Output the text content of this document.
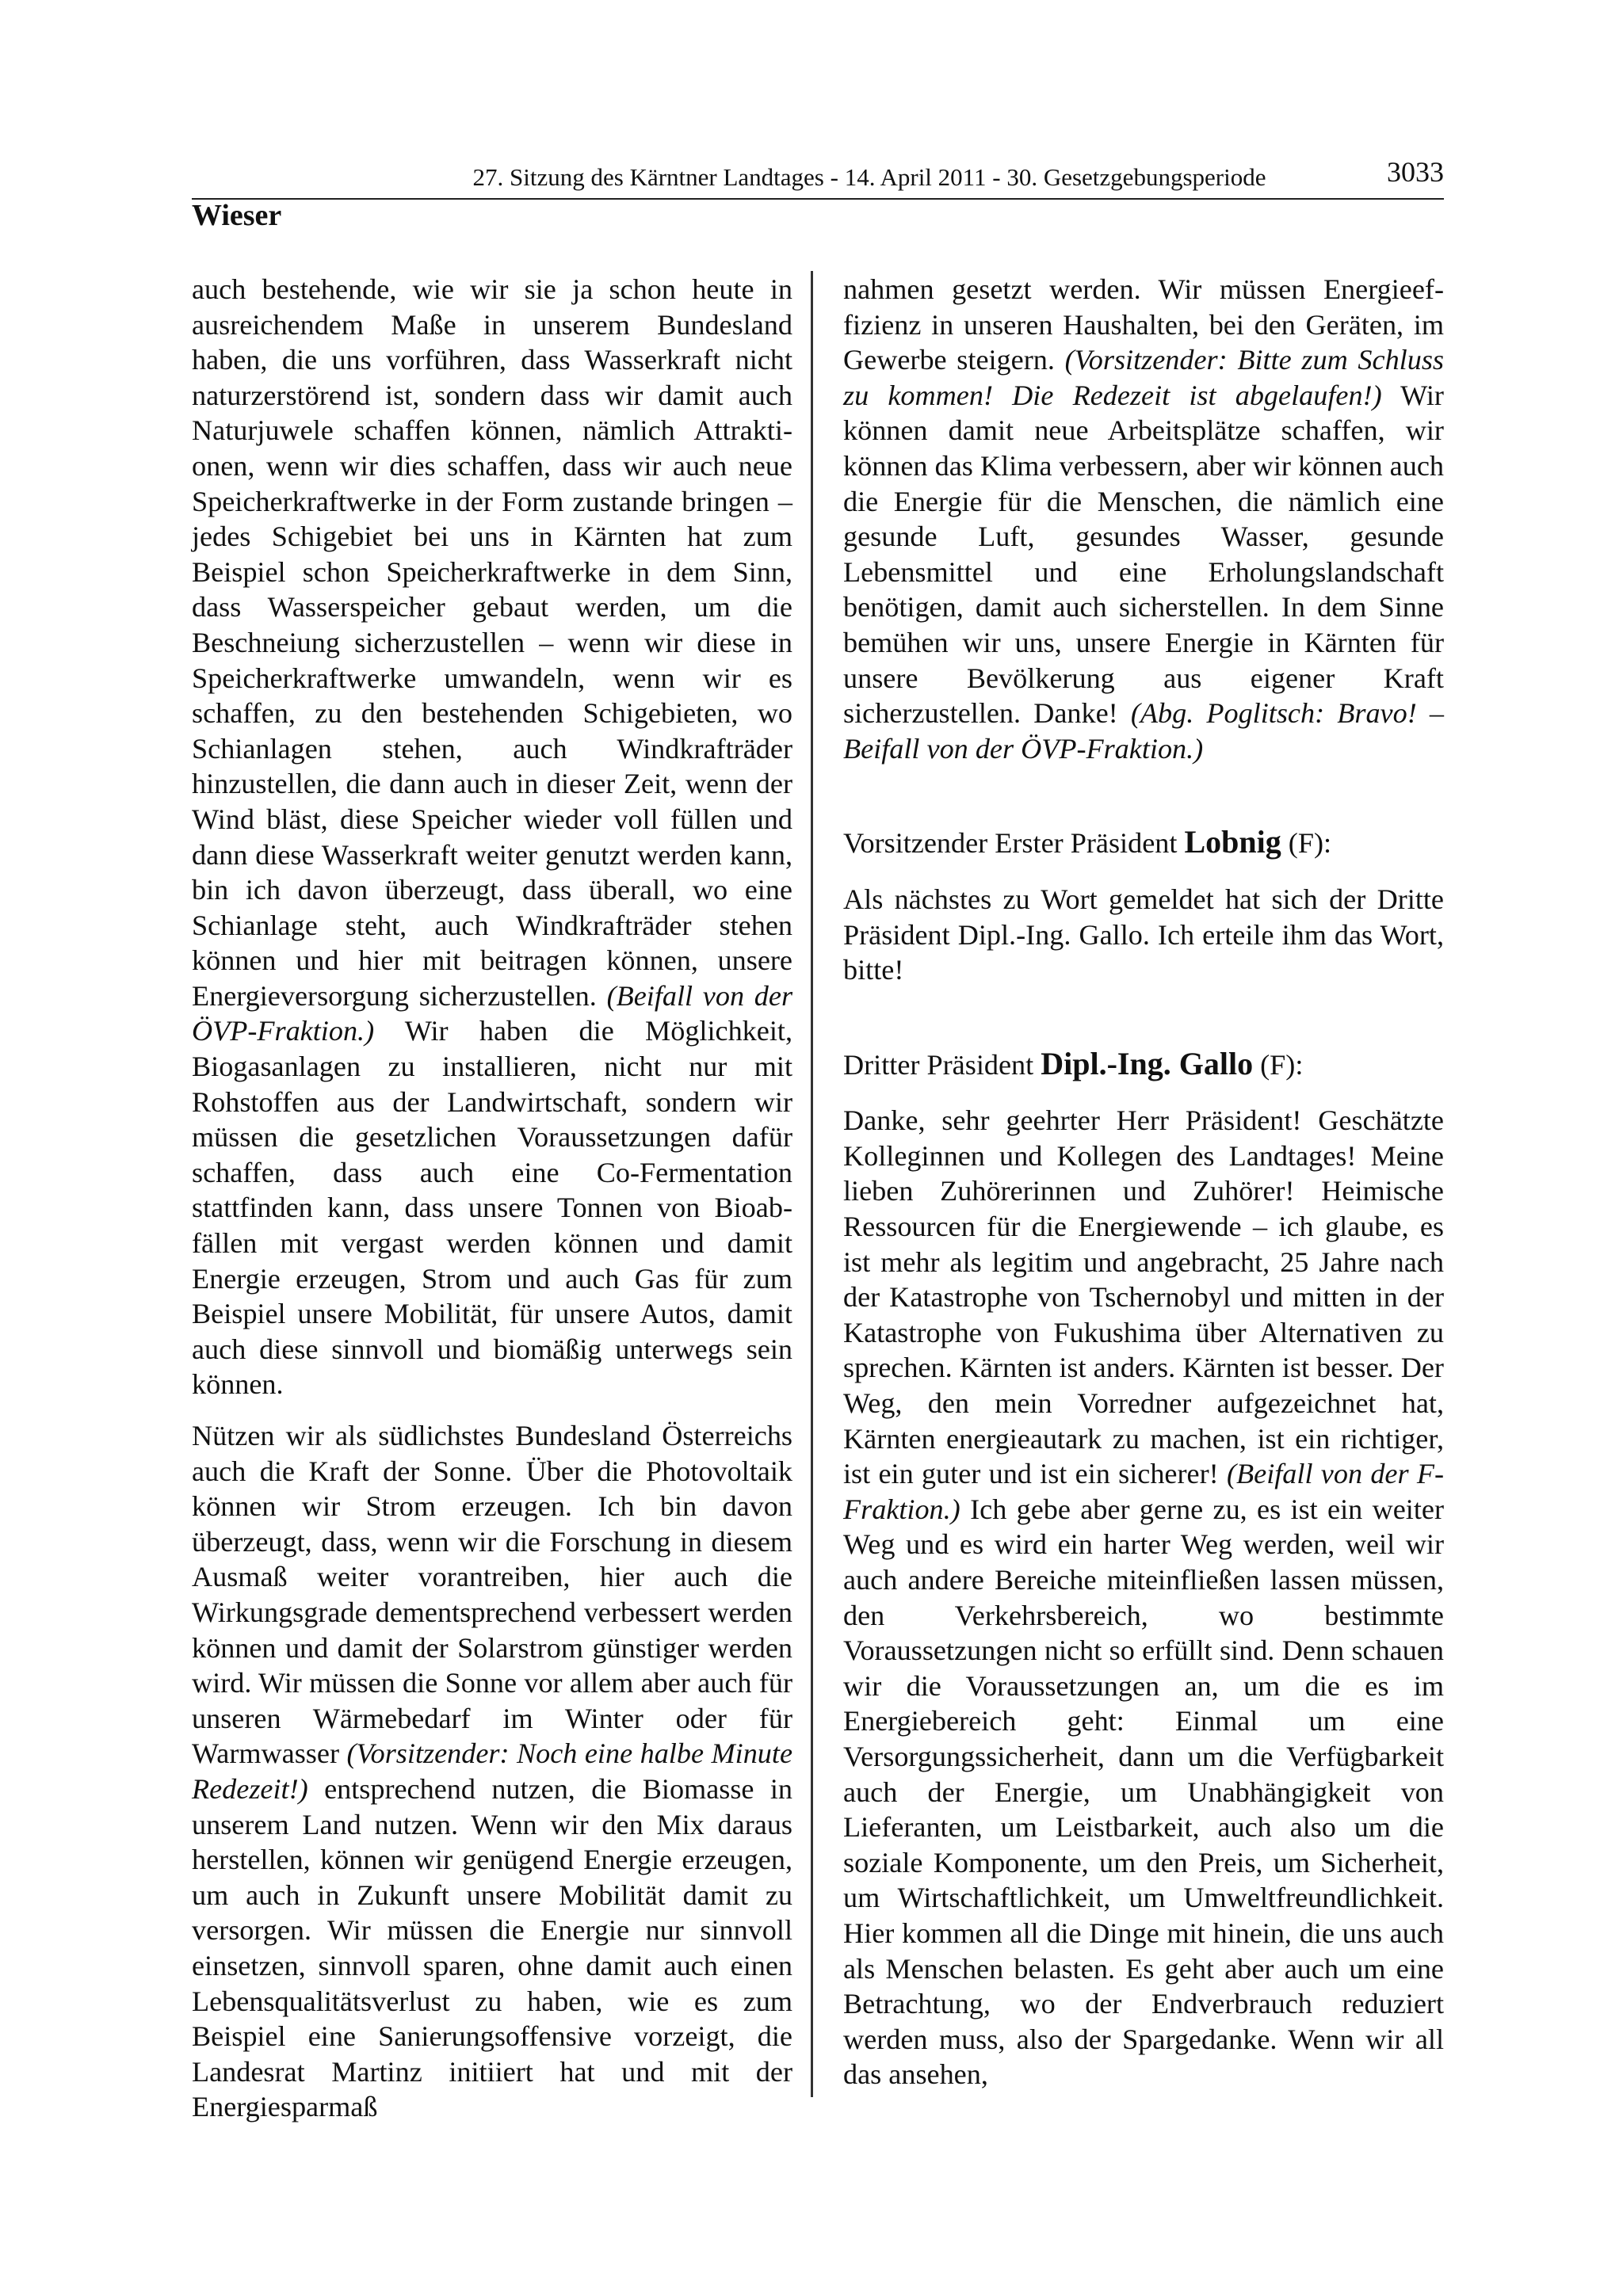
27. Sitzung des Kärntner Landtages - 14. April 2011 - 30. Gesetzgebungsperiode	3033
Wieser

auch bestehende, wie wir sie ja schon heute in ausreichendem Maße in unserem Bundesland haben, die uns vorführen, dass Wasserkraft nicht naturzerstörend ist, sondern dass wir damit auch Naturjuwele schaffen können, nämlich Attraktionen, wenn wir dies schaffen, dass wir auch neue Speicherkraftwerke in der Form zustande bringen – jedes Schigebiet bei uns in Kärnten hat zum Beispiel schon Speicherkraftwerke in dem Sinn, dass Wasserspeicher gebaut werden, um die Beschneiung sicherzustellen – wenn wir diese in Speicherkraftwerke umwandeln, wenn wir es schaffen, zu den bestehenden Schigebieten, wo Schianlagen stehen, auch Windkrafträder hinzustellen, die dann auch in dieser Zeit, wenn der Wind bläst, diese Speicher wieder voll füllen und dann diese Wasserkraft weiter genutzt werden kann, bin ich davon überzeugt, dass überall, wo eine Schianlage steht, auch Windkrafträder stehen können und hier mit beitragen können, unsere Energieversorgung sicherzustellen. (Beifall von der ÖVP-Fraktion.) Wir haben die Möglichkeit, Biogasanlagen zu installieren, nicht nur mit Rohstoffen aus der Landwirtschaft, sondern wir müssen die gesetzlichen Voraussetzungen dafür schaffen, dass auch eine Co-Fermentation stattfinden kann, dass unsere Tonnen von Bioabfällen mit vergast werden können und damit Energie erzeugen, Strom und auch Gas für zum Beispiel unsere Mobilität, für unsere Autos, damit auch diese sinnvoll und biomäßig unterwegs sein können.

Nützen wir als südlichstes Bundesland Österreichs auch die Kraft der Sonne. Über die Photovoltaik können wir Strom erzeugen. Ich bin davon überzeugt, dass, wenn wir die Forschung in diesem Ausmaß weiter vorantreiben, hier auch die Wirkungsgrade dementsprechend verbessert werden können und damit der Solarstrom günstiger werden wird. Wir müssen die Sonne vor allem aber auch für unseren Wärmebedarf im Winter oder für Warmwasser (Vorsitzender: Noch eine halbe Minute Redezeit!) entsprechend nutzen, die Biomasse in unserem Land nutzen. Wenn wir den Mix daraus herstellen, können wir genügend Energie erzeugen, um auch in Zukunft unsere Mobilität damit zu versorgen. Wir müssen die Energie nur sinnvoll einsetzen, sinnvoll sparen, ohne damit auch einen Lebensqualitätsverlust zu haben, wie es zum Beispiel eine Sanierungsoffensive vorzeigt, die Landesrat Martinz initiiert hat und mit der Energiesparmaß

nahmen gesetzt werden. Wir müssen Energieeffizienz in unseren Haushalten, bei den Geräten, im Gewerbe steigern. (Vorsitzender: Bitte zum Schluss zu kommen! Die Redezeit ist abgelaufen!) Wir können damit neue Arbeitsplätze schaffen, wir können das Klima verbessern, aber wir können auch die Energie für die Menschen, die nämlich eine gesunde Luft, gesundes Wasser, gesunde Lebensmittel und eine Erholungslandschaft benötigen, damit auch sicherstellen. In dem Sinne bemühen wir uns, unsere Energie in Kärnten für unsere Bevölkerung aus eigener Kraft sicherzustellen. Danke! (Abg. Poglitsch: Bravo! – Beifall von der ÖVP-Fraktion.)

Vorsitzender Erster Präsident Lobnig (F):

Als nächstes zu Wort gemeldet hat sich der Dritte Präsident Dipl.-Ing. Gallo. Ich erteile ihm das Wort, bitte!

Dritter Präsident Dipl.-Ing. Gallo (F):

Danke, sehr geehrter Herr Präsident! Geschätzte Kolleginnen und Kollegen des Landtages! Meine lieben Zuhörerinnen und Zuhörer! Heimische Ressourcen für die Energiewende – ich glaube, es ist mehr als legitim und angebracht, 25 Jahre nach der Katastrophe von Tschernobyl und mitten in der Katastrophe von Fukushima über Alternativen zu sprechen. Kärnten ist anders. Kärnten ist besser. Der Weg, den mein Vorredner aufgezeichnet hat, Kärnten energieautark zu machen, ist ein richtiger, ist ein guter und ist ein sicherer! (Beifall von der F-Fraktion.) Ich gebe aber gerne zu, es ist ein weiter Weg und es wird ein harter Weg werden, weil wir auch andere Bereiche miteinfließen lassen müssen, den Verkehrsbereich, wo bestimmte Voraussetzungen nicht so erfüllt sind. Denn schauen wir die Voraussetzungen an, um die es im Energiebereich geht: Einmal um eine Versorgungssicherheit, dann um die Verfügbarkeit auch der Energie, um Unabhängigkeit von Lieferanten, um Leistbarkeit, auch also um die soziale Komponente, um den Preis, um Sicherheit, um Wirtschaftlichkeit, um Umweltfreundlichkeit. Hier kommen all die Dinge mit hinein, die uns auch als Menschen belasten. Es geht aber auch um eine Betrachtung, wo der Endverbrauch reduziert werden muss, also der Spargedanke. Wenn wir all das ansehen,
